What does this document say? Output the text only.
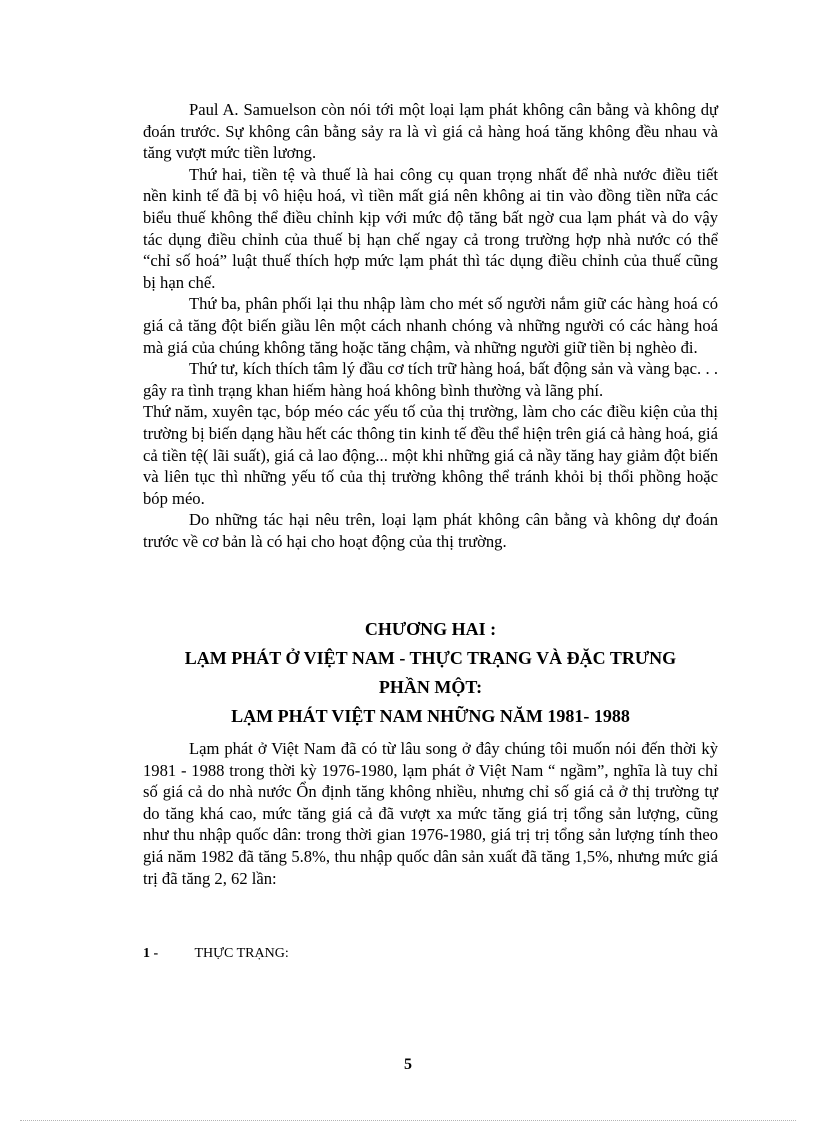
Paul A. Samuelson còn nói tới một loại lạm phát không cân bằng và không dự đoán trước. Sự không cân bằng sảy ra là vì giá cả hàng hoá tăng không đều nhau và tăng vượt mức tiền lương.

Thứ hai, tiền tệ và thuế là hai công cụ quan trọng nhất để nhà nước điều tiết nền kinh tế đã bị vô hiệu hoá, vì tiền mất giá nên không ai tin vào đồng tiền nữa các biểu thuế không thể điều chỉnh kịp với mức độ tăng bất ngờ cua lạm phát và do vậy tác dụng điều chỉnh của thuế bị hạn chế ngay cả trong trường hợp nhà nước có thể “chỉ số hoá” luật thuế thích hợp mức lạm phát thì tác dụng điều chỉnh của thuế cũng bị hạn chế.

Thứ ba, phân phối lại thu nhập làm cho mét số người nắm giữ các hàng hoá có giá cả tăng đột biến giầu lên một cách nhanh chóng và những người có các hàng hoá mà giá của chúng không tăng hoặc tăng chậm, và những người giữ tiền bị nghèo đi.

Thứ tư, kích thích tâm lý đầu cơ tích trữ hàng hoá, bất động sản và vàng bạc. . . gây ra tình trạng khan hiếm hàng hoá không bình thường và lãng phí.

Thứ năm, xuyên tạc, bóp méo các yếu tố của thị trường, làm cho các điều kiện của thị trường bị biến dạng hầu hết các thông tin kinh tế đều thể hiện trên giá cả hàng hoá, giá cả tiền tệ( lãi suất), giá cả lao động... một khi những giá cả nầy tăng hay giảm đột biến và liên tục thì những yếu tố của thị trường không thể tránh khỏi bị thổi phồng hoặc bóp méo.

Do những tác hại nêu trên, loại lạm phát không cân bằng và không dự đoán trước về cơ bản là có hại cho hoạt động của thị trường.

CHƯƠNG HAI :
LẠM PHÁT Ở VIỆT NAM - THỰC TRẠNG VÀ ĐẶC TRƯNG
PHẦN MỘT:
LẠM PHÁT VIỆT NAM NHỮNG NĂM 1981- 1988

Lạm phát ở Việt Nam đã có từ lâu song ở đây chúng tôi muốn nói đến thời kỳ 1981 - 1988 trong thời kỳ 1976-1980, lạm phát ở Việt Nam “ ngầm”, nghĩa là tuy chỉ số giá cả do nhà nước Ổn định tăng không nhiều, nhưng chỉ số giá cả ở thị trường tự do tăng khá cao, mức tăng giá cả đã vượt xa mức tăng giá trị tổng sản lượng, cũng như thu nhập quốc dân: trong thời gian 1976-1980, giá trị trị tổng sản lượng tính theo giá năm 1982 đã tăng 5.8%, thu nhập quốc dân sản xuất đã tăng 1,5%, nhưng mức giá trị đã tăng 2, 62 lần:

1 -	THỰC TRẠNG:
5
